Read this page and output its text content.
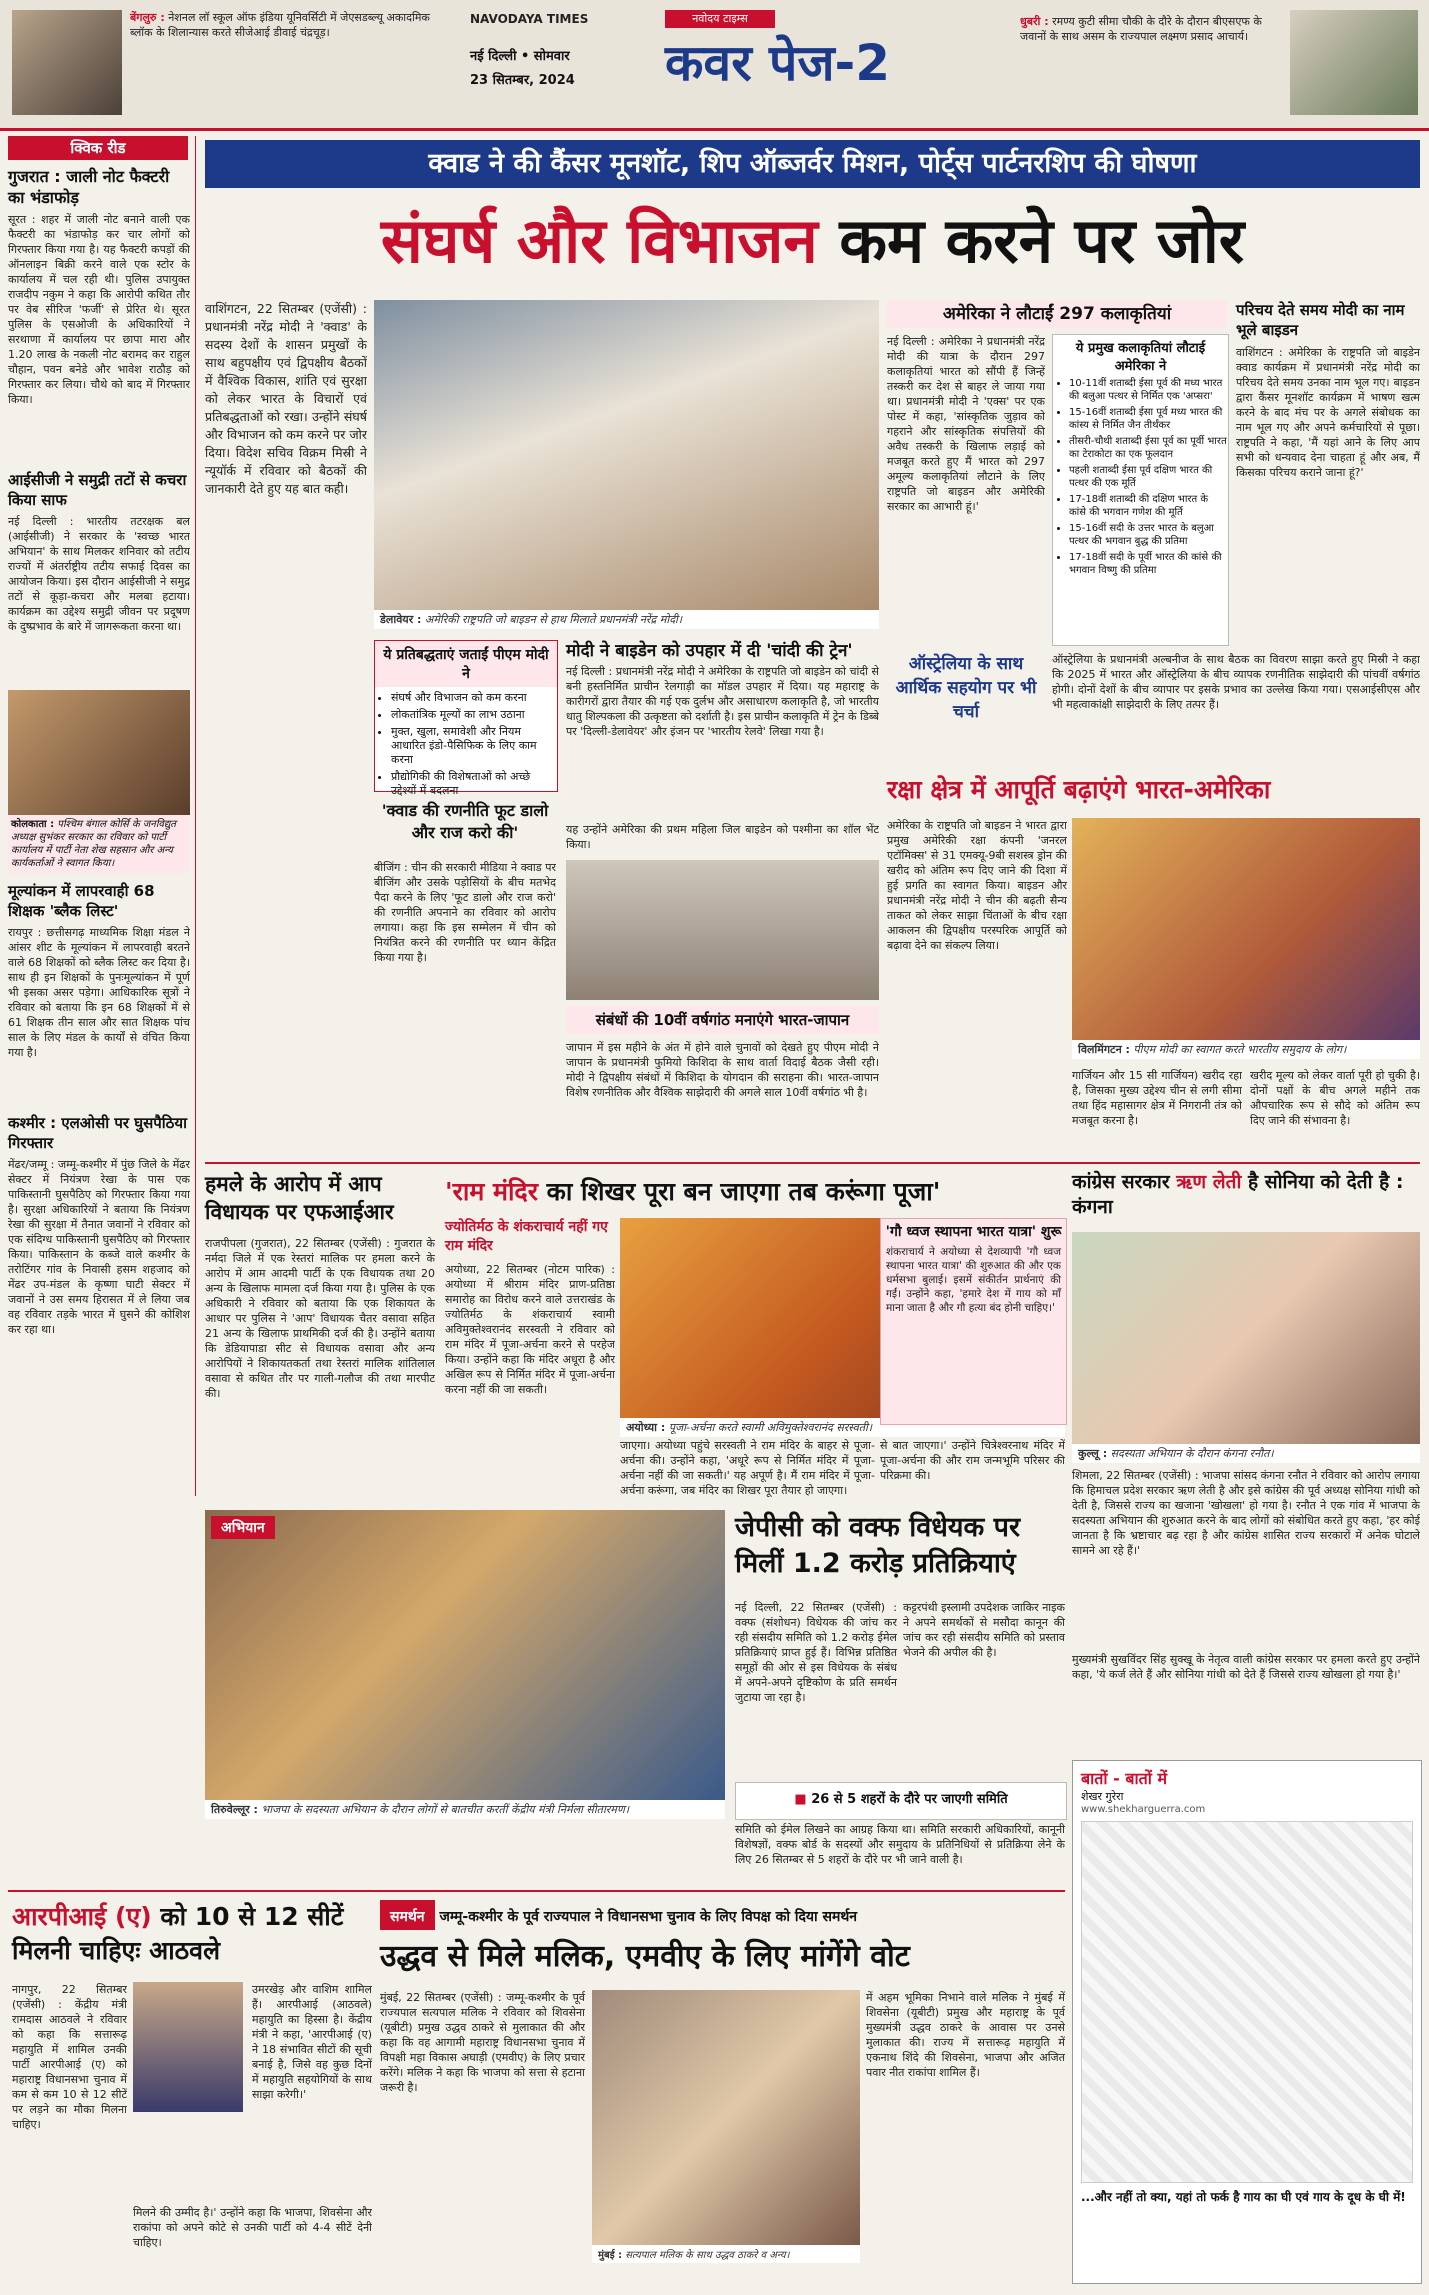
बेंगलुरु : नेशनल लॉ स्कूल ऑफ इंडिया यूनिवर्सिटी में जेएसडब्ल्यू अकादमिक ब्लॉक के शिलान्यास करते सीजेआई डीवाई चंद्रचूड़।
NAVODAYA TIMES
नई दिल्ली • सोमवार
23 सितम्बर, 2024
नवोदय टाइम्स
कवर पेज-2
धुबरी : रमण्य कुटी सीमा चौकी के दौरे के दौरान बीएसएफ के जवानों के साथ असम के राज्यपाल लक्ष्मण प्रसाद आचार्य।
क्विक रीड
गुजरात : जाली नोट फैक्टरी का भंडाफोड़
सूरत : शहर में जाली नोट बनाने वाली एक फैक्टरी का भंडाफोड़ कर चार लोगों को गिरफ्तार किया गया है। यह फैक्टरी कपड़ों की ऑनलाइन बिक्री करने वाले एक स्टोर के कार्यालय में चल रही थी। पुलिस उपायुक्त राजदीप नकुम ने कहा कि आरोपी कथित तौर पर वेब सीरिज 'फर्जी' से प्रेरित थे। सूरत पुलिस के एसओजी के अधिकारियों ने सरथाणा में कार्यालय पर छापा मारा और 1.20 लाख के नकली नोट बरामद कर राहुल चौहान, पवन बनेडे और भावेश राठौड़ को गिरफ्तार कर लिया। चौथे को बाद में गिरफ्तार किया।
आईसीजी ने समुद्री तटों से कचरा किया साफ
नई दिल्ली : भारतीय तटरक्षक बल (आईसीजी) ने सरकार के 'स्वच्छ भारत अभियान' के साथ मिलकर शनिवार को तटीय राज्यों में अंतर्राष्ट्रीय तटीय सफाई दिवस का आयोजन किया। इस दौरान आईसीजी ने समुद्र तटों से कूड़ा-कचरा और मलबा हटाया। कार्यक्रम का उद्देश्य समुद्री जीवन पर प्रदूषण के दुष्प्रभाव के बारे में जागरूकता करना था।
कोलकाता : पश्चिम बंगाल कोर्सि के जनविद्युत अध्यक्ष सुभंकर सरकार का रविवार को पार्टी कार्यालय में पार्टी नेता शेख सहसान और अन्य कार्यकर्ताओं ने स्वागत किया।
मूल्यांकन में लापरवाही 68 शिक्षक 'ब्लैक लिस्ट'
रायपुर : छत्तीसगढ़ माध्यमिक शिक्षा मंडल ने आंसर शीट के मूल्यांकन में लापरवाही बरतने वाले 68 शिक्षकों को ब्लैक लिस्ट कर दिया है। साथ ही इन शिक्षकों के पुनःमूल्यांकन में पूर्ण भी इसका असर पड़ेगा। आधिकारिक सूत्रों ने रविवार को बताया कि इन 68 शिक्षकों में से 61 शिक्षक तीन साल और सात शिक्षक पांच साल के लिए मंडल के कार्यों से वंचित किया गया है।
कश्मीर : एलओसी पर घुसपैठिया गिरफ्तार
मेंढर/जम्मू : जम्मू-कश्मीर में पुंछ जिले के मेंढर सेक्टर में नियंत्रण रेखा के पास एक पाकिस्तानी घुसपैठिए को गिरफ्तार किया गया है। सुरक्षा अधिकारियों ने बताया कि नियंत्रण रेखा की सुरक्षा में तैनात जवानों ने रविवार को एक संदिग्ध पाकिस्तानी घुसपैठिए को गिरफ्तार किया। पाकिस्तान के कब्जे वाले कश्मीर के तरोटिंगर गांव के निवासी हसम शहजाद को मेंढर उप-मंडल के कृष्णा घाटी सेक्टर में जवानों ने उस समय हिरासत में ले लिया जब वह रविवार तड़के भारत में घुसने की कोशिश कर रहा था।
क्वाड ने की कैंसर मूनशॉट, शिप ऑब्जर्वर मिशन, पोर्ट्स पार्टनरशिप की घोषणा
संघर्ष और विभाजन कम करने पर जोर
वाशिंगटन, 22 सितम्बर (एजेंसी) : प्रधानमंत्री नरेंद्र मोदी ने 'क्वाड' के सदस्य देशों के शासन प्रमुखों के साथ बहुपक्षीय एवं द्विपक्षीय बैठकों में वैश्विक विकास, शांति एवं सुरक्षा को लेकर भारत के विचारों एवं प्रतिबद्धताओं को रखा। उन्होंने संघर्ष और विभाजन को कम करने पर जोर दिया। विदेश सचिव विक्रम मिस्री ने न्यूयॉर्क में रविवार को बैठकों की जानकारी देते हुए यह बात कही।
डेलावेयर : अमेरिकी राष्ट्रपति जो बाइडन से हाथ मिलाते प्रधानमंत्री नरेंद्र मोदी।
ये प्रतिबद्धताएं जताईं पीएम मोदी ने
• संघर्ष और विभाजन को कम करना
• लोकतांत्रिक मूल्यों का लाभ उठाना
• मुक्त, खुला, समावेशी और नियम आधारित इंडो-पैसिफिक के लिए काम करना
• प्रौद्योगिकी की विशेषताओं को अच्छे उद्देश्यों में बदलना
'क्वाड की रणनीति फूट डालो और राज करो की'
बीजिंग : चीन की सरकारी मीडिया ने क्वाड पर बीजिंग और उसके पड़ोसियों के बीच मतभेद पैदा करने के लिए 'फूट डालो और राज करो' की रणनीति अपनाने का रविवार को आरोप लगाया। कहा कि इस सम्मेलन में चीन को नियंत्रित करने की रणनीति पर ध्यान केंद्रित किया गया है।
मोदी ने बाइडेन को उपहार में दी 'चांदी की ट्रेन'
नई दिल्ली : प्रधानमंत्री नरेंद्र मोदी ने अमेरिका के राष्ट्रपति जो बाइडेन को चांदी से बनी हस्तनिर्मित प्राचीन रेलगाड़ी का मॉडल उपहार में दिया। यह महाराष्ट्र के कारीगरों द्वारा तैयार की गई एक दुर्लभ और असाधारण कलाकृति है, जो भारतीय धातु शिल्पकला की उत्कृष्टता को दर्शाती है। इस प्राचीन कलाकृति में ट्रेन के डिब्बे पर 'दिल्ली-डेलावेयर' और इंजन पर 'भारतीय रेलवे' लिखा गया है।
यह उन्होंने अमेरिका की प्रथम महिला जिल बाइडेन को पश्मीना का शॉल भेंट किया।
संबंधों की 10वीं वर्षगांठ मनाएंगे भारत-जापान
जापान में इस महीने के अंत में होने वाले चुनावों को देखते हुए पीएम मोदी ने जापान के प्रधानमंत्री फुमियो किशिदा के साथ वार्ता विदाई बैठक जैसी रही। मोदी ने द्विपक्षीय संबंधों में किशिदा के योगदान की सराहना की। भारत-जापान विशेष रणनीतिक और वैश्विक साझेदारी की अगले साल 10वीं वर्षगांठ भी है।
अमेरिका ने लौटाईं 297 कलाकृतियां
नई दिल्ली : अमेरिका ने प्रधानमंत्री नरेंद्र मोदी की यात्रा के दौरान 297 कलाकृतियां भारत को सौंपी हैं जिन्हें तस्करी कर देश से बाहर ले जाया गया था। प्रधानमंत्री मोदी ने 'एक्स' पर एक पोस्ट में कहा, 'सांस्कृतिक जुड़ाव को गहराने और सांस्कृतिक संपत्तियों की अवैध तस्करी के खिलाफ लड़ाई को मजबूत करते हुए मैं भारत को 297 अमूल्य कलाकृतियां लौटाने के लिए राष्ट्रपति जो बाइडन और अमेरिकी सरकार का आभारी हूं।'
ये प्रमुख कलाकृतियां लौटाई अमेरिका ने
• 10-11वीं शताब्दी ईसा पूर्व की मध्य भारत की बलुआ पत्थर से निर्मित एक 'अप्सरा'
• 15-16वीं शताब्दी ईसा पूर्व मध्य भारत की कांस्य से निर्मित जैन तीर्थंकर
• तीसरी-चौथी शताब्दी ईसा पूर्व का पूर्वी भारत का टेराकोटा का एक फूलदान
• पहली शताब्दी ईसा पूर्व दक्षिण भारत की पत्थर की एक मूर्ति
• 17-18वीं शताब्दी की दक्षिण भारत के कांसे की भगवान गणेश की मूर्ति
• 15-16वीं सदी के उत्तर भारत के बलुआ पत्थर की भगवान बुद्ध की प्रतिमा
• 17-18वीं सदी के पूर्वी भारत की कांसे की भगवान विष्णु की प्रतिमा
परिचय देते समय मोदी का नाम भूले बाइडन
वाशिंगटन : अमेरिका के राष्ट्रपति जो बाइडेन क्वाड कार्यक्रम में प्रधानमंत्री नरेंद्र मोदी का परिचय देते समय उनका नाम भूल गए। बाइडन द्वारा कैंसर मूनशॉट कार्यक्रम में भाषण खत्म करने के बाद मंच पर के अगले संबोधक का नाम भूल गए और अपने कर्मचारियों से पूछा। राष्ट्रपति ने कहा, 'मैं यहां आने के लिए आप सभी को धन्यवाद देना चाहता हूं और अब, मैं किसका परिचय कराने जाना हूं?'
ऑस्ट्रेलिया के साथ आर्थिक सहयोग पर भी चर्चा
ऑस्ट्रेलिया के प्रधानमंत्री अल्बनीज के साथ बैठक का विवरण साझा करते हुए मिस्री ने कहा कि 2025 में भारत और ऑस्ट्रेलिया के बीच व्यापक रणनीतिक साझेदारी की पांचवीं वर्षगांठ होगी। दोनों देशों के बीच व्यापार पर इसके प्रभाव का उल्लेख किया गया। एसआईसीएस और भी महत्वाकांक्षी साझेदारी के लिए तत्पर हैं।
रक्षा क्षेत्र में आपूर्ति बढ़ाएंगे भारत-अमेरिका
अमेरिका के राष्ट्रपति जो बाइडन ने भारत द्वारा प्रमुख अमेरिकी रक्षा कंपनी 'जनरल एटॉमिक्स' से 31 एमक्यू-9बी सशस्त्र ड्रोन की खरीद को अंतिम रूप दिए जाने की दिशा में हुई प्रगति का स्वागत किया। बाइडन और प्रधानमंत्री नरेंद्र मोदी ने चीन की बढ़ती सैन्य ताकत को लेकर साझा चिंताओं के बीच रक्षा आकलन की द्विपक्षीय परस्परिक आपूर्ति को बढ़ावा देने का संकल्प लिया।
विलमिंगटन : पीएम मोदी का स्वागत करते भारतीय समुदाय के लोग।
गार्जियन और 15 सी गार्जियन) खरीद रहा है, जिसका मुख्य उद्देश्य चीन से लगी सीमा तथा हिंद महासागर क्षेत्र में निगरानी तंत्र को मजबूत करना है।
खरीद मूल्य को लेकर वार्ता पूरी हो चुकी है। दोनों पक्षों के बीच अगले महीने तक औपचारिक रूप से सौदे को अंतिम रूप दिए जाने की संभावना है।
हमले के आरोप में आप विधायक पर एफआईआर
राजपीपला (गुजरात), 22 सितम्बर (एजेंसी) : गुजरात के नर्मदा जिले में एक रेस्तरां मालिक पर हमला करने के आरोप में आम आदमी पार्टी के एक विधायक तथा 20 अन्य के खिलाफ मामला दर्ज किया गया है। पुलिस के एक अधिकारी ने रविवार को बताया कि एक शिकायत के आधार पर पुलिस ने 'आप' विधायक चैतर वसावा सहित 21 अन्य के खिलाफ प्राथमिकी दर्ज की है। उन्होंने बताया कि डेडियापाडा सीट से विधायक वसावा और अन्य आरोपियों ने शिकायतकर्ता तथा रेस्तरां मालिक शांतिलाल वसावा से कथित तौर पर गाली-गलौज की तथा मारपीट की।
'राम मंदिर का शिखर पूरा बन जाएगा तब करूंगा पूजा'
ज्योतिर्मठ के शंकराचार्य नहीं गए राम मंदिर
अयोध्या, 22 सितम्बर (नोटम पारिक) : अयोध्या में श्रीराम मंदिर प्राण-प्रतिष्ठा समारोह का विरोध करने वाले उत्तराखंड के ज्योतिर्मठ के शंकराचार्य स्वामी अविमुक्तेश्वरानंद सरस्वती ने रविवार को राम मंदिर में पूजा-अर्चना करने से परहेज किया। उन्होंने कहा कि मंदिर अधूरा है और अखिल रूप से निर्मित मंदिर में पूजा-अर्चना करना नहीं की जा सकती।
अयोध्या : पूजा-अर्चना करते स्वामी अविमुक्तेश्वरानंद सरस्वती।
जाएगा। अयोध्या पहुंचे सरस्वती ने राम मंदिर के बाहर से पूजा-अर्चना की। उन्होंने कहा, 'अधूरे रूप से निर्मित मंदिर में पूजा-अर्चना नहीं की जा सकती।' यह अपूर्ण है। मैं राम मंदिर में पूजा-अर्चना करूंगा, जब मंदिर का शिखर पूरा तैयार हो जाएगा।
'गौ ध्वज स्थापना भारत यात्रा' शुरू
शंकराचार्य ने अयोध्या से देशव्यापी 'गौ ध्वज स्थापना भारत यात्रा' की शुरुआत की और एक धर्मसभा बुलाई। इसमें संकीर्तन प्रार्थनाएं की गईं। उन्होंने कहा, 'हमारे देश में गाय को माँ माना जाता है और गौ हत्या बंद होनी चाहिए।'
से बात जाएगा।' उन्होंने चित्रेश्वरनाथ मंदिर में पूजा-अर्चना की और राम जन्मभूमि परिसर की परिक्रमा की।
कांग्रेस सरकार ऋण लेती है सोनिया को देती है : कंगना
कुल्लू : सदस्यता अभियान के दौरान कंगना रनौत।
शिमला, 22 सितम्बर (एजेंसी) : भाजपा सांसद कंगना रनौत ने रविवार को आरोप लगाया कि हिमाचल प्रदेश सरकार ऋण लेती है और इसे कांग्रेस की पूर्व अध्यक्ष सोनिया गांधी को देती है, जिससे राज्य का खजाना 'खोखला' हो गया है। रनौत ने एक गांव में भाजपा के सदस्यता अभियान की शुरुआत करने के बाद लोगों को संबोधित करते हुए कहा, 'हर कोई जानता है कि भ्रष्टाचार बढ़ रहा है और कांग्रेस शासित राज्य सरकारों में अनेक घोटाले सामने आ रहे हैं।'
मुख्यमंत्री सुखविंदर सिंह सुक्खू के नेतृत्व वाली कांग्रेस सरकार पर हमला करते हुए उन्होंने कहा, 'ये कर्ज लेते हैं और सोनिया गांधी को देते हैं जिससे राज्य खोखला हो गया है।'
अभियान
तिरुवेल्लूर : भाजपा के सदस्यता अभियान के दौरान लोगों से बातचीत करतीं केंद्रीय मंत्री निर्मला सीतारमण।
जेपीसी को वक्फ विधेयक पर मिलीं 1.2 करोड़ प्रतिक्रियाएं
नई दिल्ली, 22 सितम्बर (एजेंसी) : वक्फ (संशोधन) विधेयक की जांच कर रही संसदीय समिति को 1.2 करोड़ ईमेल प्रतिक्रियाएं प्राप्त हुई हैं। विभिन्न प्रतिष्ठित समूहों की ओर से इस विधेयक के संबंध में अपने-अपने दृष्टिकोण के प्रति समर्थन जुटाया जा रहा है।
कट्टरपंथी इस्लामी उपदेशक जाकिर नाइक ने अपने समर्थकों से मसौदा कानून की जांच कर रही संसदीय समिति को प्रस्ताव भेजने की अपील की है।
■ 26 से 5 शहरों के दौरे पर जाएगी समिति
समिति को ईमेल लिखने का आग्रह किया था। समिति सरकारी अधिकारियों, कानूनी विशेषज्ञों, वक्फ बोर्ड के सदस्यों और समुदाय के प्रतिनिधियों से प्रतिक्रिया लेने के लिए 26 सितम्बर से 5 शहरों के दौरे पर भी जाने वाली है।
बातों - बातों में
शेखर गुरेरा
www.shekharguerra.com
...और नहीं तो क्या, यहां तो फर्क है गाय का घी एवं गाय के दूध के घी में!
आरपीआई (ए) को 10 से 12 सीटें मिलनी चाहिएः आठवले
नागपुर, 22 सितम्बर (एजेंसी) : केंद्रीय मंत्री रामदास आठवले ने रविवार को कहा कि सत्तारूढ़ महायुति में शामिल उनकी पार्टी आरपीआई (ए) को महाराष्ट्र विधानसभा चुनाव में कम से कम 10 से 12 सीटें पर लड़ने का मौका मिलना चाहिए।
उमरखेड़ और वाशिम शामिल हैं। आरपीआई (आठवले) महायुति का हिस्सा है। केंद्रीय मंत्री ने कहा, 'आरपीआई (ए) ने 18 संभावित सीटों की सूची बनाई है, जिसे वह कुछ दिनों में महायुति सहयोगियों के साथ साझा करेगी।'
मिलने की उम्मीद है।' उन्होंने कहा कि भाजपा, शिवसेना और राकांपा को अपने कोटे से उनकी पार्टी को 4-4 सीटें देनी चाहिए।
समर्थन जम्मू-कश्मीर के पूर्व राज्यपाल ने विधानसभा चुनाव के लिए विपक्ष को दिया समर्थन
उद्धव से मिले मलिक, एमवीए के लिए मांगेंगे वोट
मुंबई, 22 सितम्बर (एजेंसी) : जम्मू-कश्मीर के पूर्व राज्यपाल सत्यपाल मलिक ने रविवार को शिवसेना (यूबीटी) प्रमुख उद्धव ठाकरे से मुलाकात की और कहा कि वह आगामी महाराष्ट्र विधानसभा चुनाव में विपक्षी महा विकास अघाड़ी (एमवीए) के लिए प्रचार करेंगे। मलिक ने कहा कि भाजपा को सत्ता से हटाना जरूरी है।
मुंबई : सत्यपाल मलिक के साथ उद्धव ठाकरे व अन्य।
में अहम भूमिका निभाने वाले मलिक ने मुंबई में शिवसेना (यूबीटी) प्रमुख और महाराष्ट्र के पूर्व मुख्यमंत्री उद्धव ठाकरे के आवास पर उनसे मुलाकात की। राज्य में सत्तारूढ़ महायुति में एकनाथ शिंदे की शिवसेना, भाजपा और अजित पवार नीत राकांपा शामिल हैं।
